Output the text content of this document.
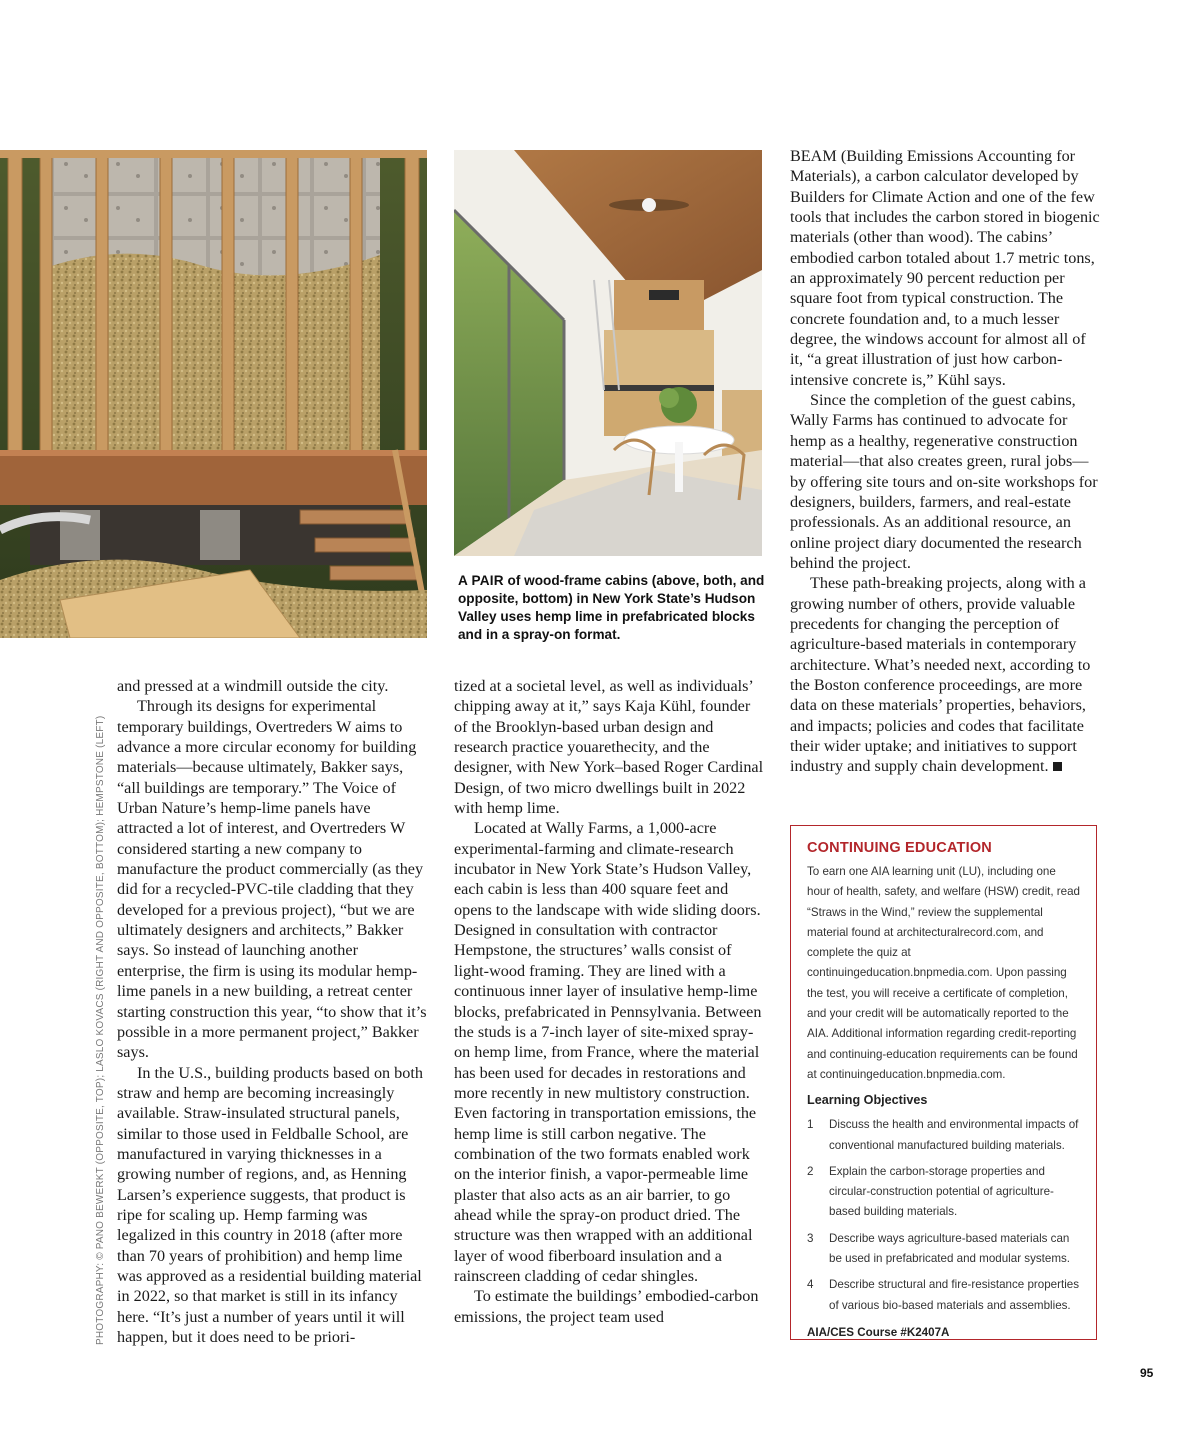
A PAIR of wood-frame cabins (above, both, and opposite, bottom) in New York State’s Hudson Valley uses hemp lime in prefabricated blocks and in a spray-on format.
PHOTOGRAPHY: © PANO BEWERKT (OPPOSITE, TOP); LASLO KOVACS (RIGHT AND OPPOSITE, BOTTOM); HEMPSTONE (LEFT)

and pressed at a windmill outside the city.

Through its designs for experimental temporary buildings, Overtreders W aims to advance a more circular economy for building materials—because ultimately, Bakker says, “all buildings are temporary.” The Voice of Urban Nature’s hemp-lime panels have attracted a lot of interest, and Overtreders W considered starting a new company to manufacture the product commercially (as they did for a recycled-PVC-tile cladding that they developed for a previous project), “but we are ultimately designers and architects,” Bakker says. So instead of launching another enterprise, the firm is using its modular hemp-lime panels in a new building, a retreat center starting construction this year, “to show that it’s possible in a more permanent project,” Bakker says.

In the U.S., building products based on both straw and hemp are becoming increasingly available. Straw-insulated structural panels, similar to those used in Feldballe School, are manufactured in varying thicknesses in a growing number of regions, and, as Henning Larsen’s experience suggests, that product is ripe for scaling up. Hemp farming was legalized in this country in 2018 (after more than 70 years of prohibition) and hemp lime was approved as a residential building material in 2022, so that market is still in its infancy here. “It’s just a number of years until it will happen, but it does need to be priori-

tized at a societal level, as well as individuals’ chipping away at it,” says Kaja Kühl, founder of the Brooklyn-based urban design and research practice youarethecity, and the designer, with New York–based Roger Cardinal Design, of two micro dwellings built in 2022 with hemp lime.

Located at Wally Farms, a 1,000-acre experimental-farming and climate-research incubator in New York State’s Hudson Valley, each cabin is less than 400 square feet and opens to the landscape with wide sliding doors. Designed in consultation with contractor Hempstone, the structures’ walls consist of light-wood framing. They are lined with a continuous inner layer of insulative hemp-lime blocks, prefabricated in Pennsylvania. Between the studs is a 7-inch layer of site-mixed spray-on hemp lime, from France, where the material has been used for decades in restorations and more recently in new multistory construction. Even factoring in transportation emissions, the hemp lime is still carbon negative. The combination of the two formats enabled work on the interior finish, a vapor-permeable lime plaster that also acts as an air barrier, to go ahead while the spray-on product dried. The structure was then wrapped with an additional layer of wood fiberboard insulation and a rainscreen cladding of cedar shingles.

To estimate the buildings’ embodied-carbon emissions, the project team used

BEAM (Building Emissions Accounting for Materials), a carbon calculator developed by Builders for Climate Action and one of the few tools that includes the carbon stored in biogenic materials (other than wood). The cabins’ embodied carbon totaled about 1.7 metric tons, an approximately 90 percent reduction per square foot from typical construction. The concrete foundation and, to a much lesser degree, the windows account for almost all of it, “a great illustration of just how carbon-intensive concrete is,” Kühl says.

Since the completion of the guest cabins, Wally Farms has continued to advocate for hemp as a healthy, regenerative construction material—that also creates green, rural jobs—by offering site tours and on-site workshops for designers, builders, farmers, and real-estate professionals. As an additional resource, an online project diary documented the research behind the project.

These path-breaking projects, along with a growing number of others, provide valuable precedents for changing the perception of agriculture-based materials in contemporary architecture. What’s needed next, according to the Boston conference proceedings, are more data on these materials’ properties, behaviors, and impacts; policies and codes that facilitate their wider uptake; and initiatives to support industry and supply chain development.

CONTINUING EDUCATION

To earn one AIA learning unit (LU), including one hour of health, safety, and welfare (HSW) credit, read “Straws in the Wind,” review the supplemental material found at architecturalrecord.com, and complete the quiz at continuingeducation.bnpmedia.com. Upon passing the test, you will receive a certificate of completion, and your credit will be automatically reported to the AIA. Additional information regarding credit-reporting and continuing-education requirements can be found at continuingeducation.bnpmedia.com.

Learning Objectives
1	Discuss the health and environmental impacts of conventional manufactured building materials.
2	Explain the carbon-storage properties and circular-construction potential of agriculture-based building materials.
3	Describe ways agriculture-based materials can be used in prefabricated and modular systems.
4	Describe structural and fire-resistance properties of various bio-based materials and assemblies.
AIA/CES Course #K2407A
95
